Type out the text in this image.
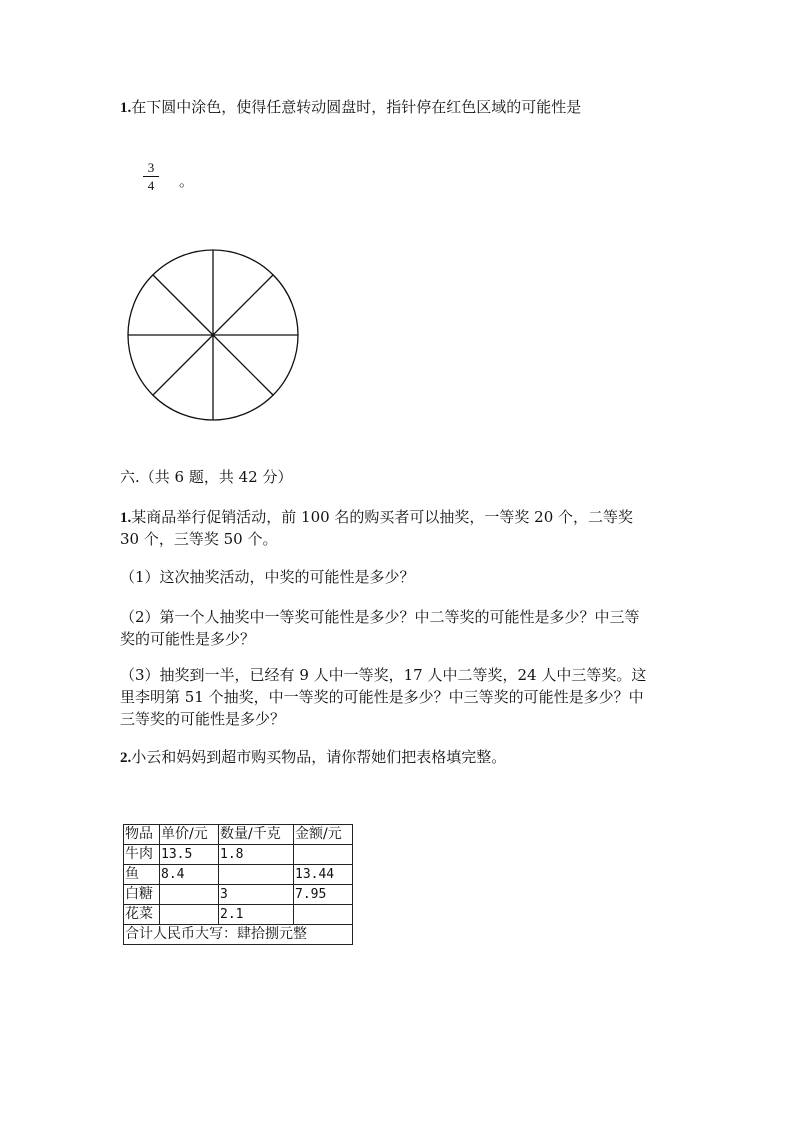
1.在下圆中涂色，使得任意转动圆盘时，指针停在红色区域的可能性是
3
4	。
六.（共 6 题，共 42 分）
1.某商品举行促销活动，前 100 名的购买者可以抽奖，一等奖 20 个，二等奖
30 个，三等奖 50 个。
（1）这次抽奖活动，中奖的可能性是多少？
（2）第一个人抽奖中一等奖可能性是多少？中二等奖的可能性是多少？中三等
奖的可能性是多少？
（3）抽奖到一半，已经有 9 人中一等奖，17 人中二等奖，24 人中三等奖。这
里李明第 51 个抽奖，中一等奖的可能性是多少？中三等奖的可能性是多少？中
三等奖的可能性是多少？
2.小云和妈妈到超市购买物品，请你帮她们把表格填完整。
物品	单价/元	数量/千克	金额/元
牛肉	13.5	1.8	
鱼	8.4		13.44
白糖		3	7.95
花菜		2.1	
合计人民币大写：肆拾捌元整			
